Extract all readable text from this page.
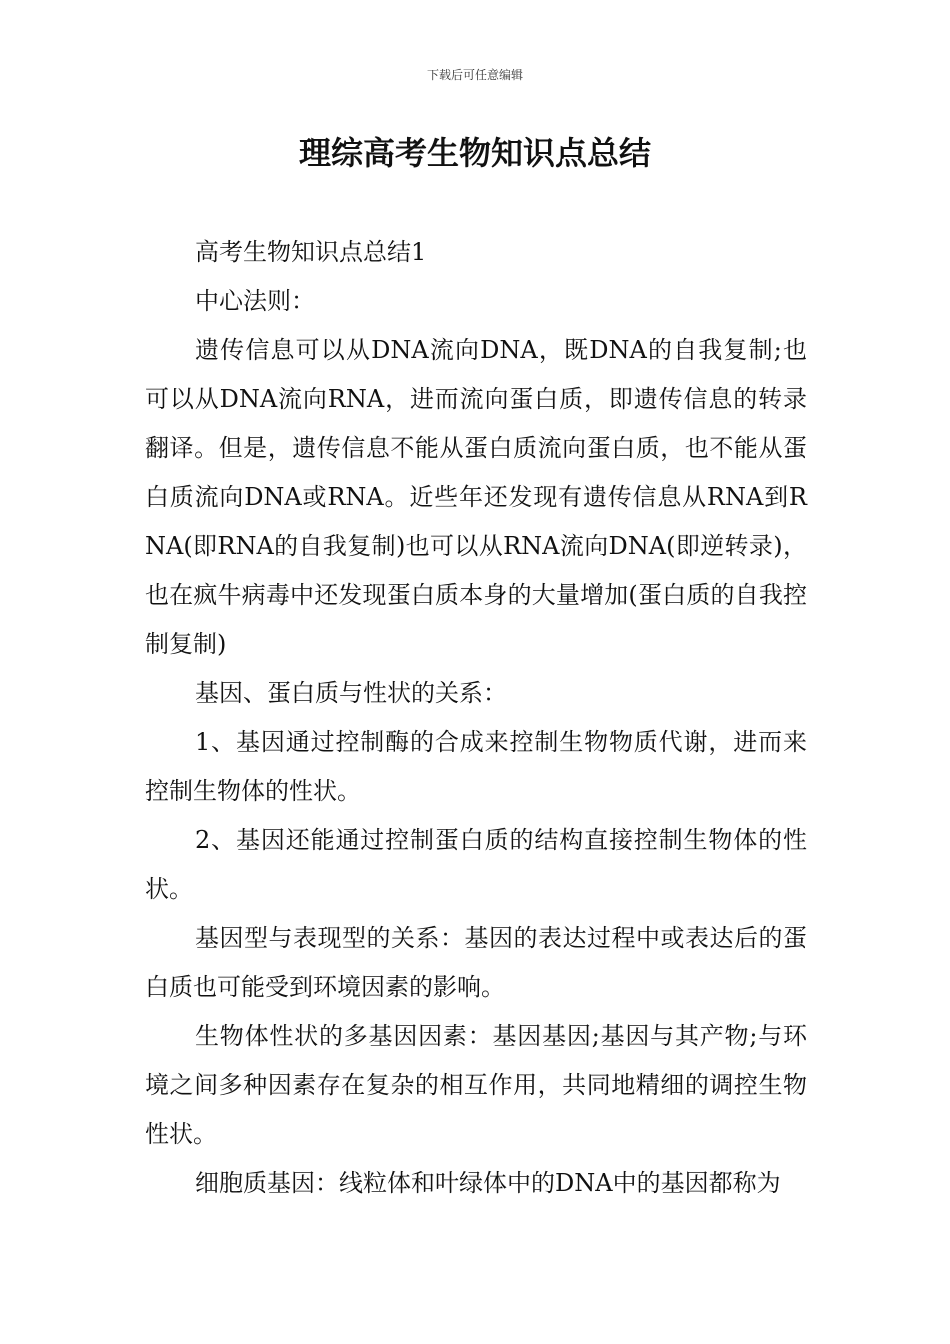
下载后可任意编辑
理综高考生物知识点总结

高考生物知识点总结1

中心法则：

遗传信息可以从DNA流向DNA，既DNA的自我复制;也可以从DNA流向RNA，进而流向蛋白质，即遗传信息的转录翻译。但是，遗传信息不能从蛋白质流向蛋白质，也不能从蛋白质流向DNA或RNA。近些年还发现有遗传信息从RNA到RNA(即RNA的自我复制)也可以从RNA流向DNA(即逆转录)，也在疯牛病毒中还发现蛋白质本身的大量增加(蛋白质的自我控制复制)

基因、蛋白质与性状的关系：

1、基因通过控制酶的合成来控制生物物质代谢，进而来控制生物体的性状。

2、基因还能通过控制蛋白质的结构直接控制生物体的性状。

基因型与表现型的关系：基因的表达过程中或表达后的蛋白质也可能受到环境因素的影响。

生物体性状的多基因因素：基因基因;基因与其产物;与环境之间多种因素存在复杂的相互作用，共同地精细的调控生物性状。

细胞质基因：线粒体和叶绿体中的DNA中的基因都称为
